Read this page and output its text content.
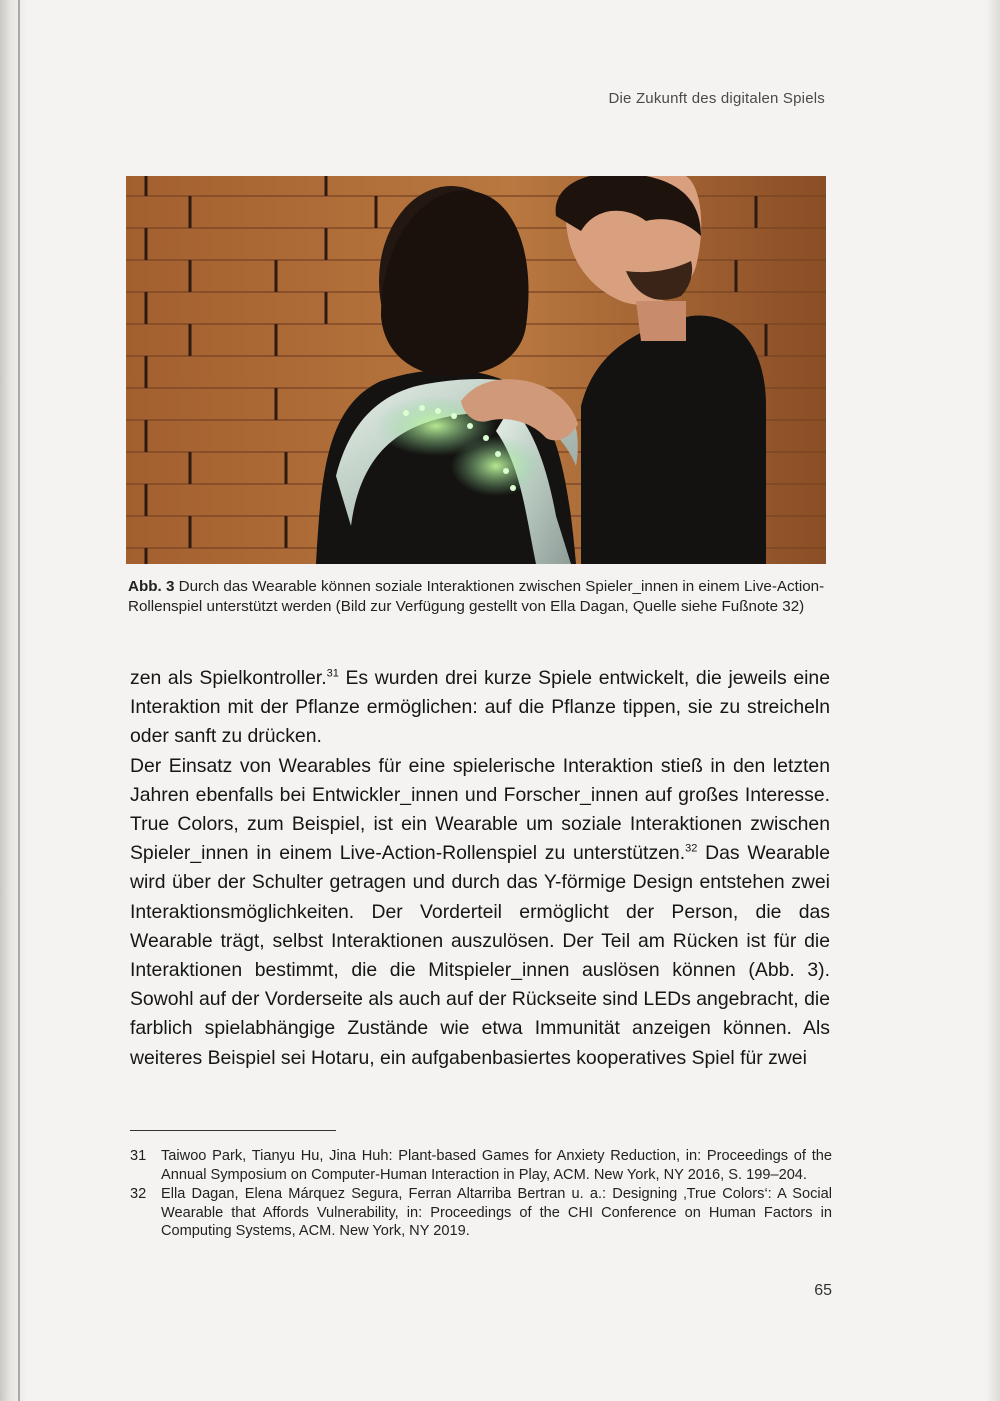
Die Zukunft des digitalen Spiels
Abb. 3 Durch das Wearable können soziale Interaktionen zwischen Spieler_innen in einem Live-Action-Rollenspiel unterstützt werden (Bild zur Verfügung gestellt von Ella Dagan, Quelle siehe Fußnote 32)

zen als Spielkontroller.$^{31}$ Es wurden drei kurze Spiele entwickelt, die jeweils eine Interaktion mit der Pflanze ermöglichen: auf die Pflanze tippen, sie zu streicheln oder sanft zu drücken.

Der Einsatz von Wearables für eine spielerische Interaktion stieß in den letzten Jahren ebenfalls bei Entwickler_innen und Forscher_innen auf großes Interesse. True Colors, zum Beispiel, ist ein Wearable um soziale Interaktionen zwischen Spieler_innen in einem Live-Action-Rollenspiel zu unterstützen.$^{32}$ Das Wearable wird über der Schulter getragen und durch das Y-förmige Design entstehen zwei Interaktionsmöglichkeiten. Der Vorderteil ermöglicht der Person, die das Wearable trägt, selbst Interaktionen auszulösen. Der Teil am Rücken ist für die Interaktionen bestimmt, die die Mitspieler_innen auslösen können (Abb. 3). Sowohl auf der Vorderseite als auch auf der Rückseite sind LEDs angebracht, die farblich spielabhängige Zustände wie etwa Immunität anzeigen können. Als weiteres Beispiel sei Hotaru, ein aufgabenbasiertes kooperatives Spiel für zwei

31	Taiwoo Park, Tianyu Hu, Jina Huh: Plant-based Games for Anxiety Reduction, in: Proceedings of the Annual Symposium on Computer-Human Interaction in Play, ACM. New York, NY 2016, S. 199–204.
32	Ella Dagan, Elena Márquez Segura, Ferran Altarriba Bertran u. a.: Designing ‚True Colors‘: A Social Wearable that Affords Vulnerability, in: Proceedings of the CHI Conference on Human Factors in Computing Systems, ACM. New York, NY 2019.
65
